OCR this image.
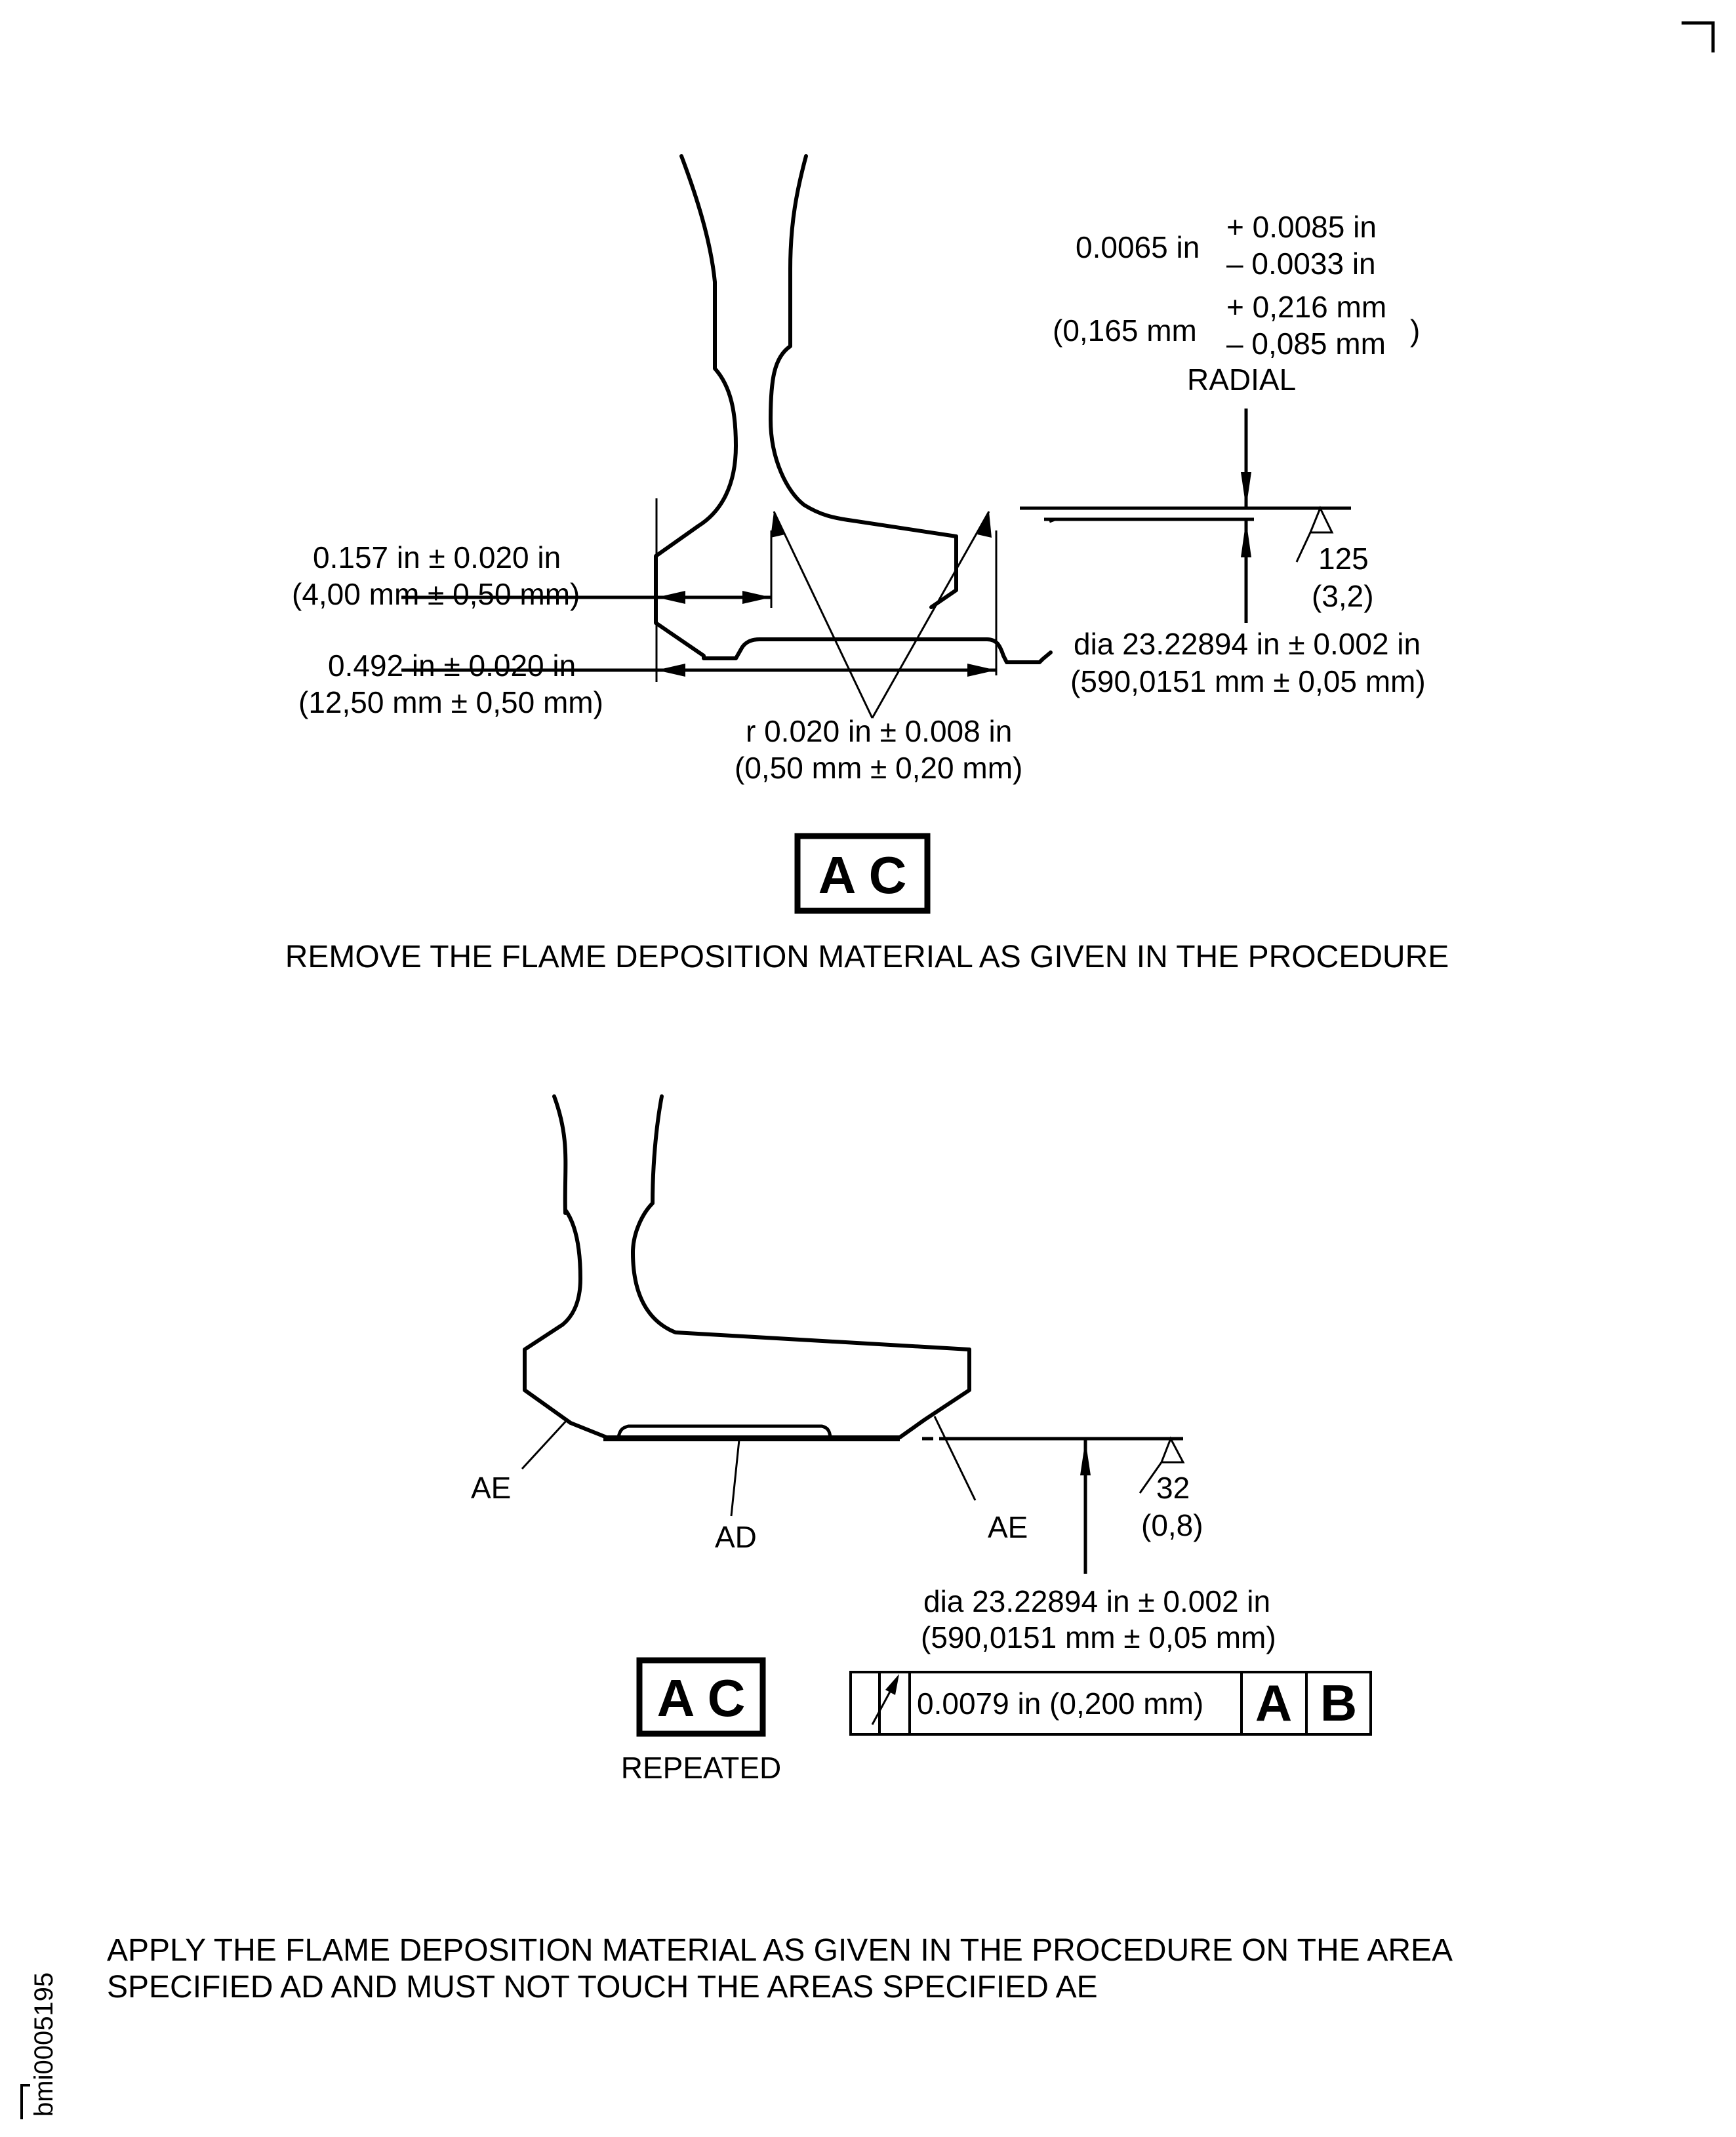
0.0065 in
+ 0.0085 in
– 0.0033 in
(0,165 mm
+ 0,216 mm
– 0,085 mm )
RADIAL
0.157 in ± 0.020 in
(4,00 mm ± 0,50 mm)
0.492 in ± 0.020 in
(12,50 mm ± 0,50 mm)
r 0.020 in ± 0.008 in
(0,50 mm ± 0,20 mm)
125
(3,2)
dia 23.22894 in ± 0.002 in
(590,0151 mm ± 0,05 mm)
A C
REMOVE THE FLAME DEPOSITION MATERIAL AS GIVEN IN THE PROCEDURE
AE
AD	AE
32
(0,8)
dia 23.22894 in ± 0.002 in
(590,0151 mm ± 0,05 mm)
0.0079 in (0,200 mm) A B
A C
REPEATED
APPLY THE FLAME DEPOSITION MATERIAL AS GIVEN IN THE PROCEDURE ON THE AREA
SPECIFIED AD AND MUST NOT TOUCH THE AREAS SPECIFIED AE
bmi0005195
